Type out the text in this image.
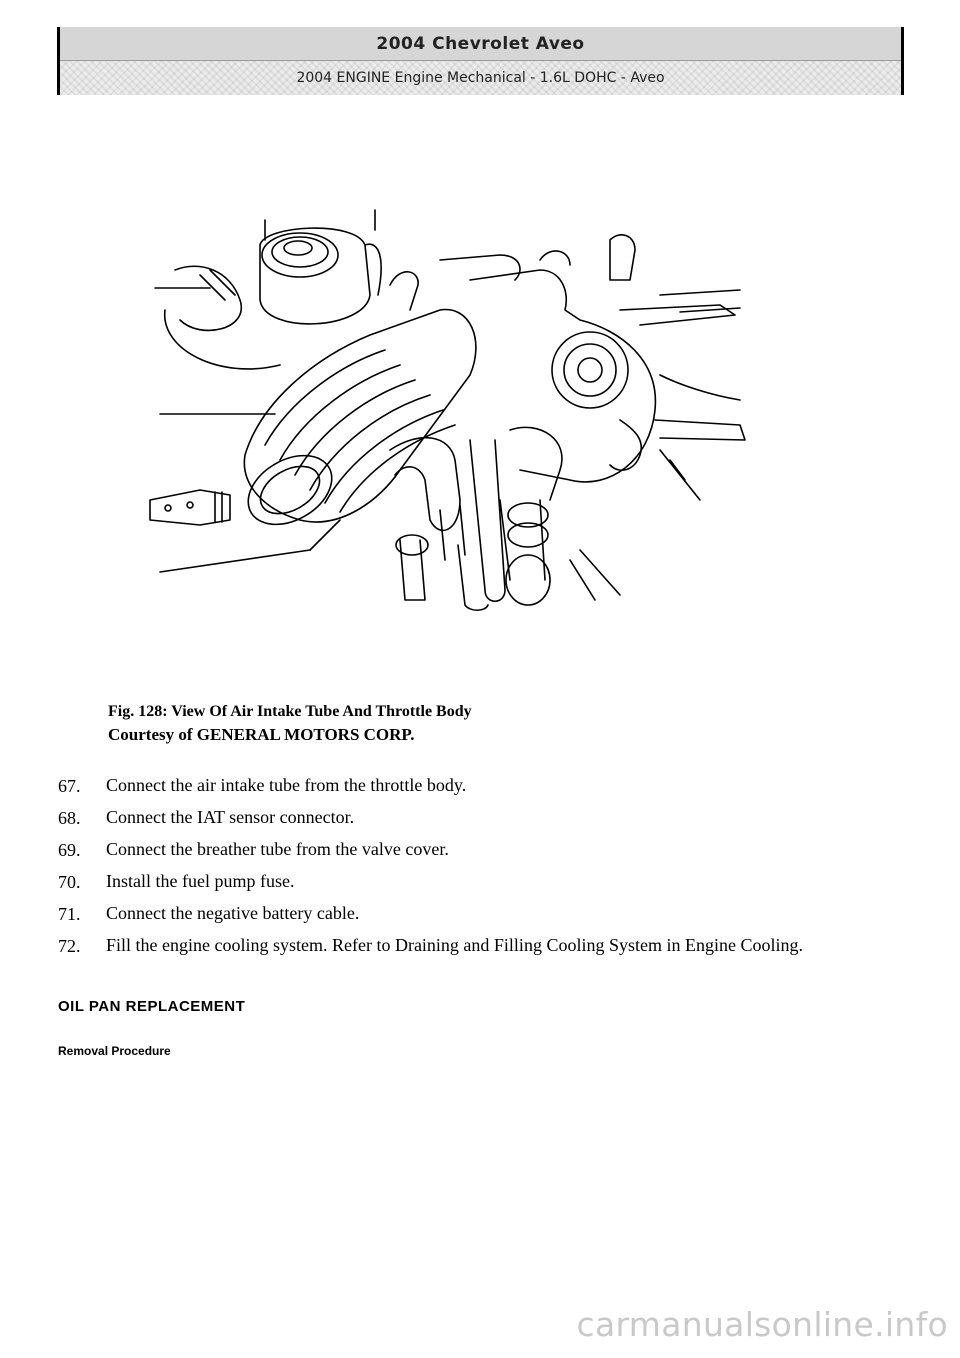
2004 Chevrolet Aveo
2004 ENGINE Engine Mechanical - 1.6L DOHC - Aveo
Fig. 128: View Of Air Intake Tube And Throttle Body
Courtesy of GENERAL MOTORS CORP.
67.	Connect the air intake tube from the throttle body.
68.	Connect the IAT sensor connector.
69.	Connect the breather tube from the valve cover.
70.	Install the fuel pump fuse.
71.	Connect the negative battery cable.
72.	Fill the engine cooling system. Refer to Draining and Filling Cooling System in Engine Cooling.
OIL PAN REPLACEMENT
Removal Procedure
carmanualsonline.info
